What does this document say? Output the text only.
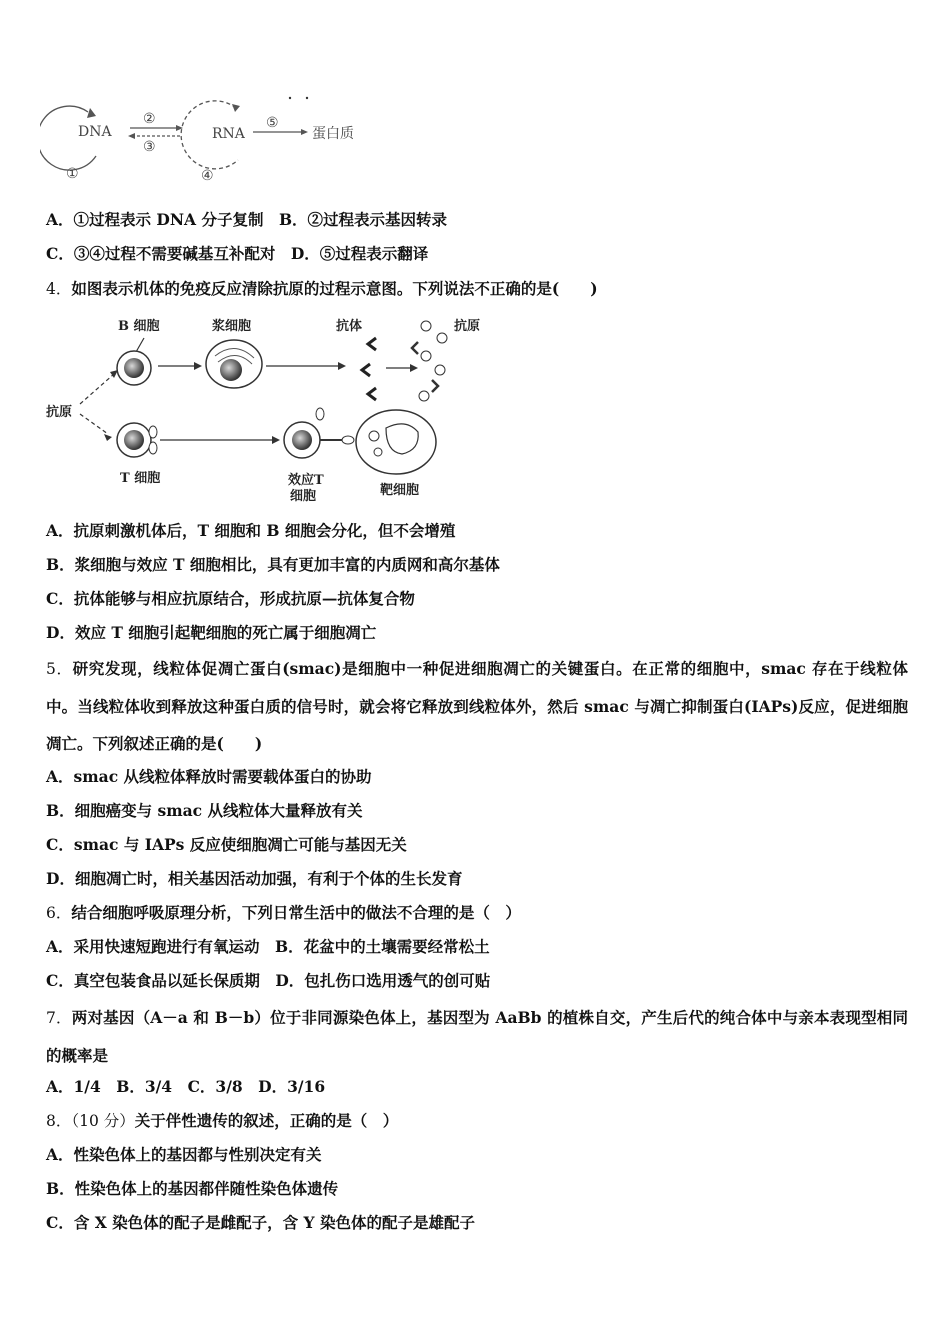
DNA
①
②
③
RNA
④
⑤
蛋白质
A．①过程表示 DNA 分子复制　B．②过程表示基因转录
C．③④过程不需要碱基互补配对　D．⑤过程表示翻译
4．如图表示机体的免疫反应清除抗原的过程示意图。下列说法不正确的是(　　)
B 细胞	浆细胞	抗体	抗原
抗原
T 细胞	效应T
细胞	靶细胞
A．抗原刺激机体后，T 细胞和 B 细胞会分化，但不会增殖
B．浆细胞与效应 T 细胞相比，具有更加丰富的内质网和高尔基体
C．抗体能够与相应抗原结合，形成抗原—抗体复合物
D．效应 T 细胞引起靶细胞的死亡属于细胞凋亡
5．研究发现，线粒体促凋亡蛋白(smac)是细胞中一种促进细胞凋亡的关键蛋白。在正常的细胞中，smac 存在于线粒体中。当线粒体收到释放这种蛋白质的信号时，就会将它释放到线粒体外，然后 smac 与凋亡抑制蛋白(IAPs)反应，促进细胞凋亡。下列叙述正确的是(　　)
A．smac 从线粒体释放时需要载体蛋白的协助
B．细胞癌变与 smac 从线粒体大量释放有关
C．smac 与 IAPs 反应使细胞凋亡可能与基因无关
D．细胞凋亡时，相关基因活动加强，有利于个体的生长发育
6．结合细胞呼吸原理分析，下列日常生活中的做法不合理的是（　）
A．采用快速短跑进行有氧运动　B．花盆中的土壤需要经常松土
C．真空包装食品以延长保质期　D．包扎伤口选用透气的创可贴
7．两对基因（A－a 和 B－b）位于非同源染色体上，基因型为 AaBb 的植株自交，产生后代的纯合体中与亲本表现型相同的概率是
A．1/4　B．3/4　C．3/8　D．3/16
8．（10 分）关于伴性遗传的叙述，正确的是（　）
A．性染色体上的基因都与性别决定有关
B．性染色体上的基因都伴随性染色体遗传
C．含 X 染色体的配子是雌配子，含 Y 染色体的配子是雄配子
